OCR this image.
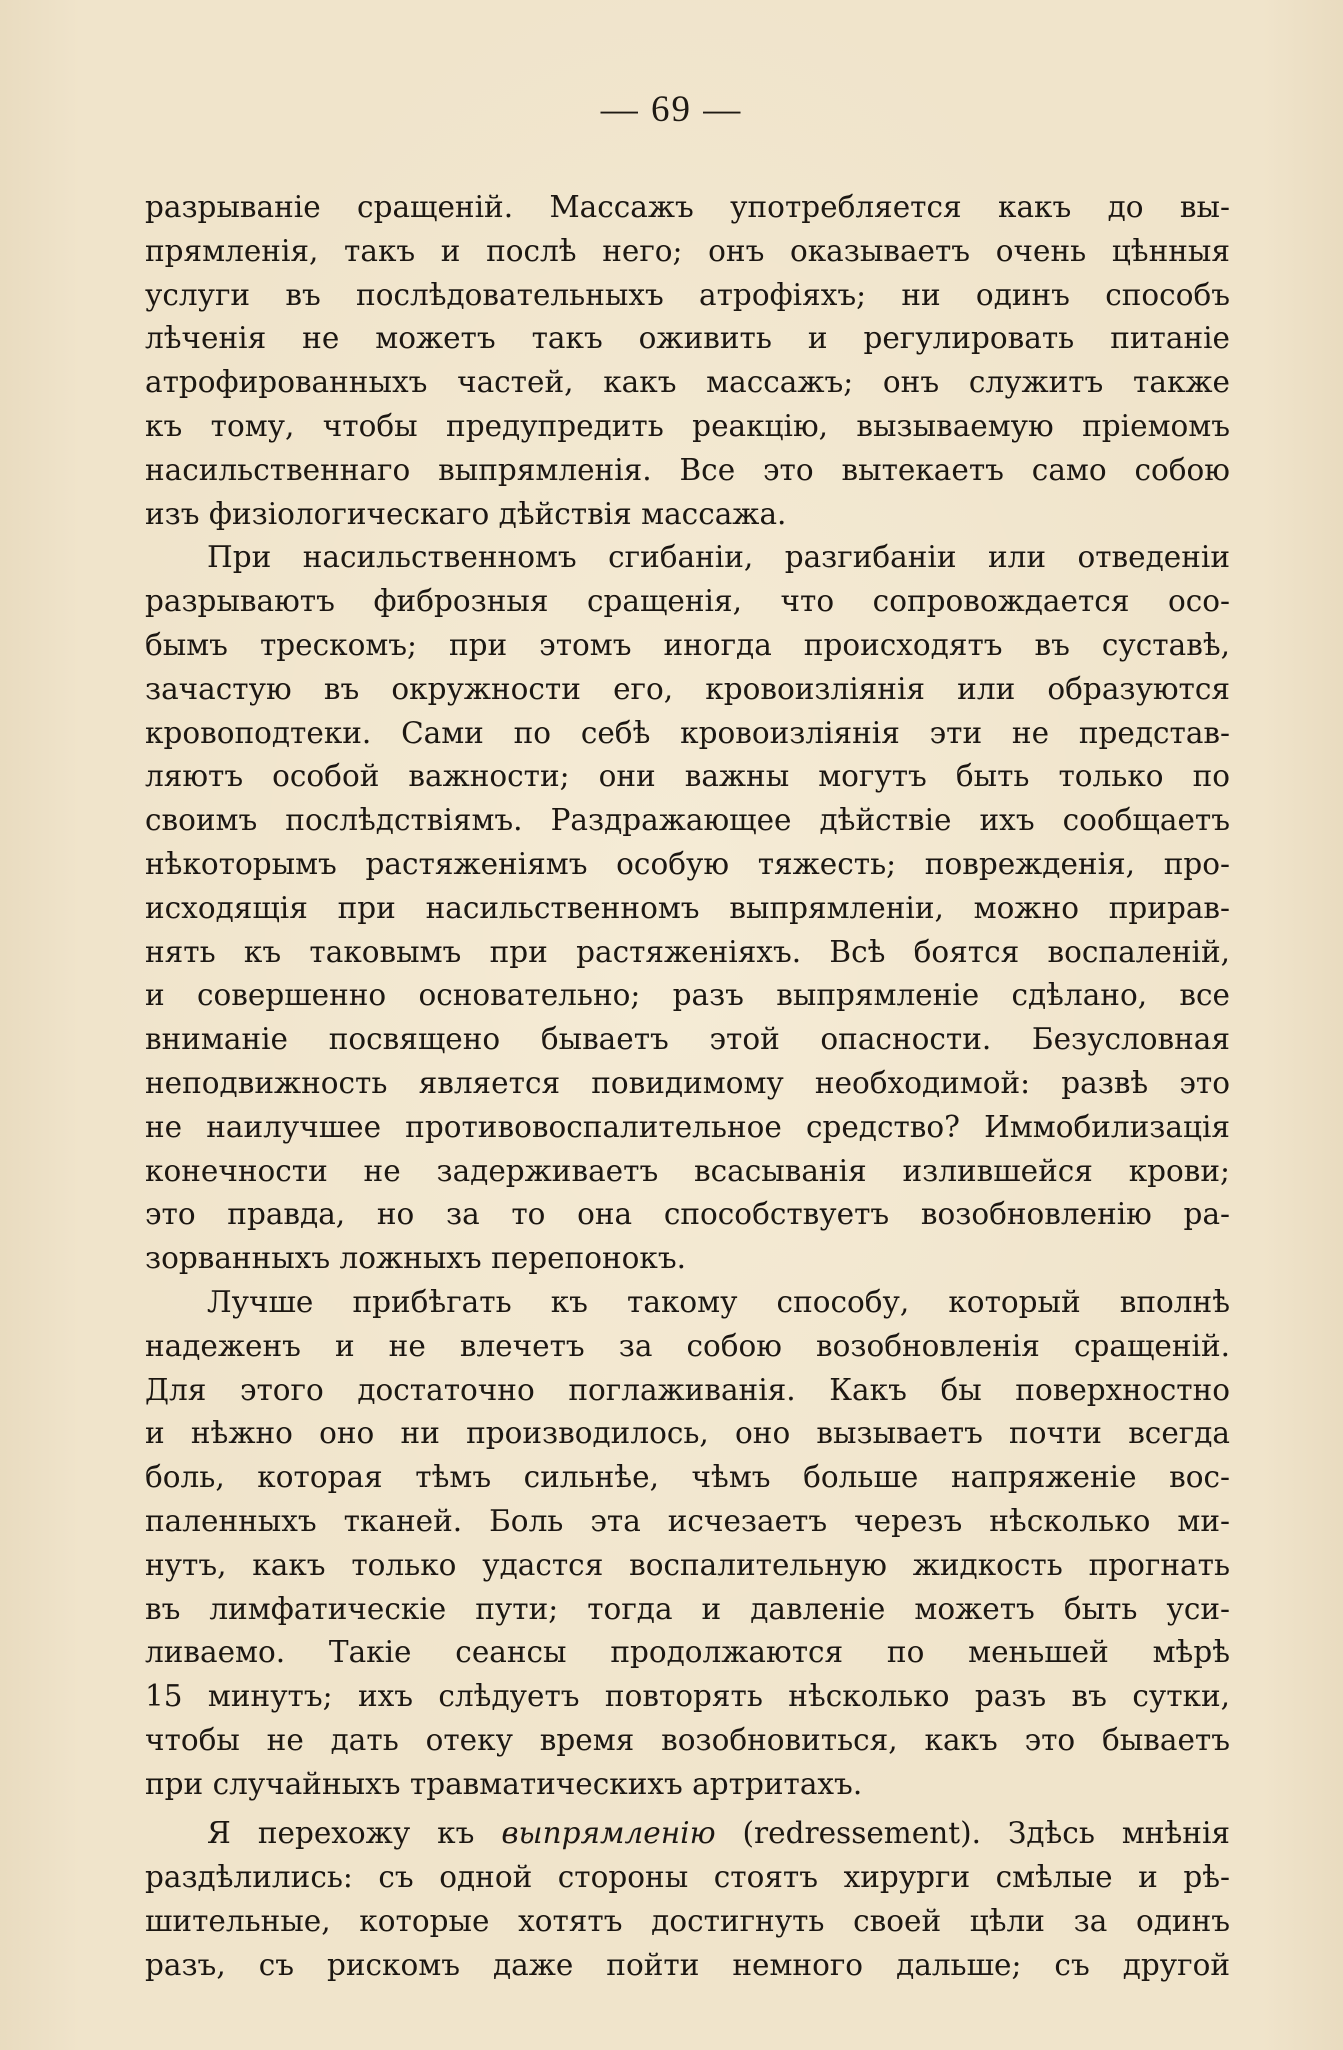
— 69 —
разрываніе сращеній. Массажъ употребляется какъ до вы-
прямленія, такъ и послѣ него; онъ оказываетъ очень цѣнныя
услуги въ послѣдовательныхъ атрофіяхъ; ни одинъ способъ
лѣченія не можетъ такъ оживить и регулировать питаніе
атрофированныхъ частей, какъ массажъ; онъ служитъ также
къ тому, чтобы предупредить реакцію, вызываемую пріемомъ
насильственнаго выпрямленія. Все это вытекаетъ само собою
изъ физіологическаго дѣйствія массажа.
При насильственномъ сгибаніи, разгибаніи или отведеніи
разрываютъ фиброзныя сращенія, что сопровождается осо-
бымъ трескомъ; при этомъ иногда происходятъ въ суставѣ,
зачастую въ окружности его, кровоизліянія или образуются
кровоподтеки. Сами по себѣ кровоизліянія эти не представ-
ляютъ особой важности; они важны могутъ быть только по
своимъ послѣдствіямъ. Раздражающее дѣйствіе ихъ сообщаетъ
нѣкоторымъ растяженіямъ особую тяжесть; поврежденія, про-
исходящія при насильственномъ выпрямленіи, можно прирав-
нять къ таковымъ при растяженіяхъ. Всѣ боятся воспаленій,
и совершенно основательно; разъ выпрямленіе сдѣлано, все
вниманіе посвящено бываетъ этой опасности. Безусловная
неподвижность является повидимому необходимой: развѣ это
не наилучшее противовоспалительное средство? Иммобилизація
конечности не задерживаетъ всасыванія излившейся крови;
это правда, но за то она способствуетъ возобновленію ра-
зорванныхъ ложныхъ перепонокъ.
Лучше прибѣгать къ такому способу, который вполнѣ
надеженъ и не влечетъ за собою возобновленія сращеній.
Для этого достаточно поглаживанія. Какъ бы поверхностно
и нѣжно оно ни производилось, оно вызываетъ почти всегда
боль, которая тѣмъ сильнѣе, чѣмъ больше напряженіе вос-
паленныхъ тканей. Боль эта исчезаетъ черезъ нѣсколько ми-
нутъ, какъ только удастся воспалительную жидкость прогнать
въ лимфатическіе пути; тогда и давленіе можетъ быть уси-
ливаемо. Такіе сеансы продолжаются по меньшей мѣрѣ
15 минутъ; ихъ слѣдуетъ повторять нѣсколько разъ въ сутки,
чтобы не дать отеку время возобновиться, какъ это бываетъ
при случайныхъ травматическихъ артритахъ.
Я перехожу къ выпрямленію (redressement). Здѣсь мнѣнія
раздѣлились: съ одной стороны стоятъ хирурги смѣлые и рѣ-
шительные, которые хотятъ достигнуть своей цѣли за одинъ
разъ, съ рискомъ даже пойти немного дальше; съ другой
